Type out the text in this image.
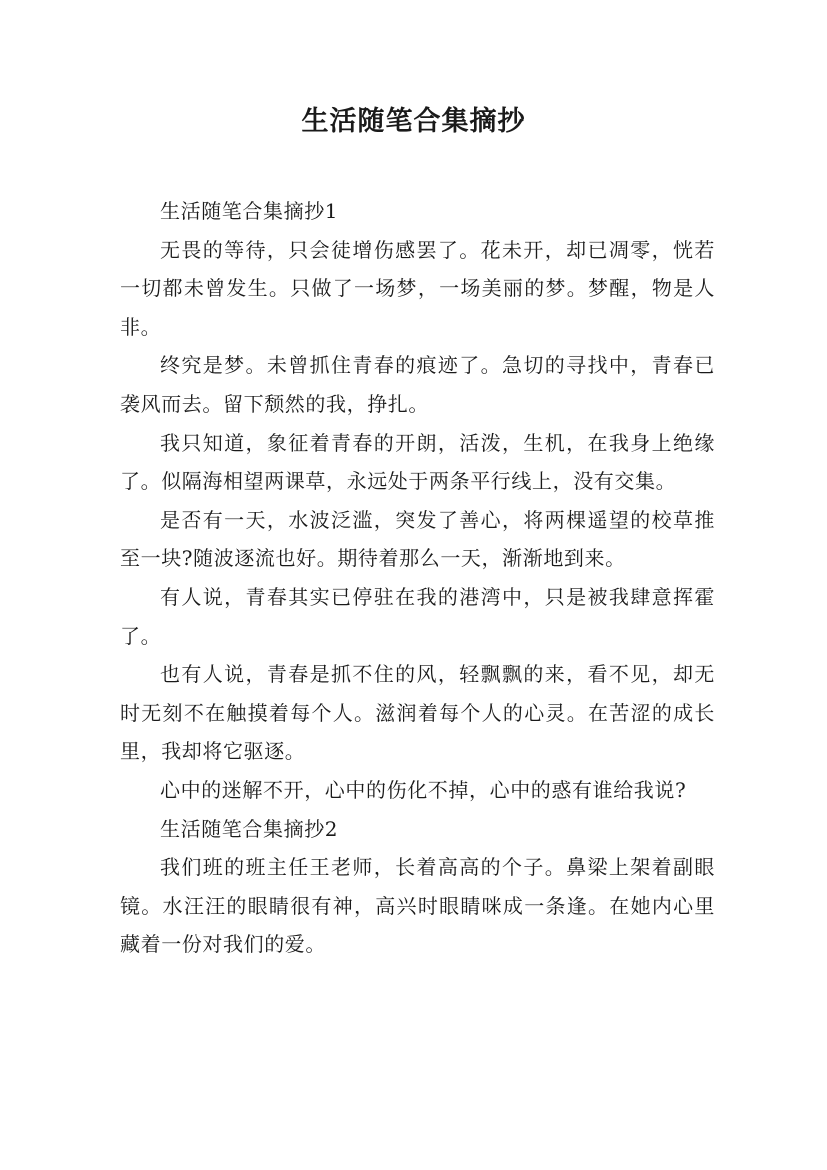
生活随笔合集摘抄

生活随笔合集摘抄1

无畏的等待，只会徒增伤感罢了。花未开，却已凋零，恍若一切都未曾发生。只做了一场梦，一场美丽的梦。梦醒，物是人非。

终究是梦。未曾抓住青春的痕迹了。急切的寻找中，青春已袭风而去。留下颓然的我，挣扎。

我只知道，象征着青春的开朗，活泼，生机，在我身上绝缘了。似隔海相望两课草，永远处于两条平行线上，没有交集。

是否有一天，水波泛滥，突发了善心，将两棵遥望的校草推至一块?随波逐流也好。期待着那么一天，渐渐地到来。

有人说，青春其实已停驻在我的港湾中，只是被我肆意挥霍了。

也有人说，青春是抓不住的风，轻飘飘的来，看不见，却无时无刻不在触摸着每个人。滋润着每个人的心灵。在苦涩的成长里，我却将它驱逐。

心中的迷解不开，心中的伤化不掉，心中的惑有谁给我说?

生活随笔合集摘抄2

我们班的班主任王老师，长着高高的个子。鼻梁上架着副眼镜。水汪汪的眼睛很有神，高兴时眼睛咪成一条逢。在她内心里藏着一份对我们的爱。
